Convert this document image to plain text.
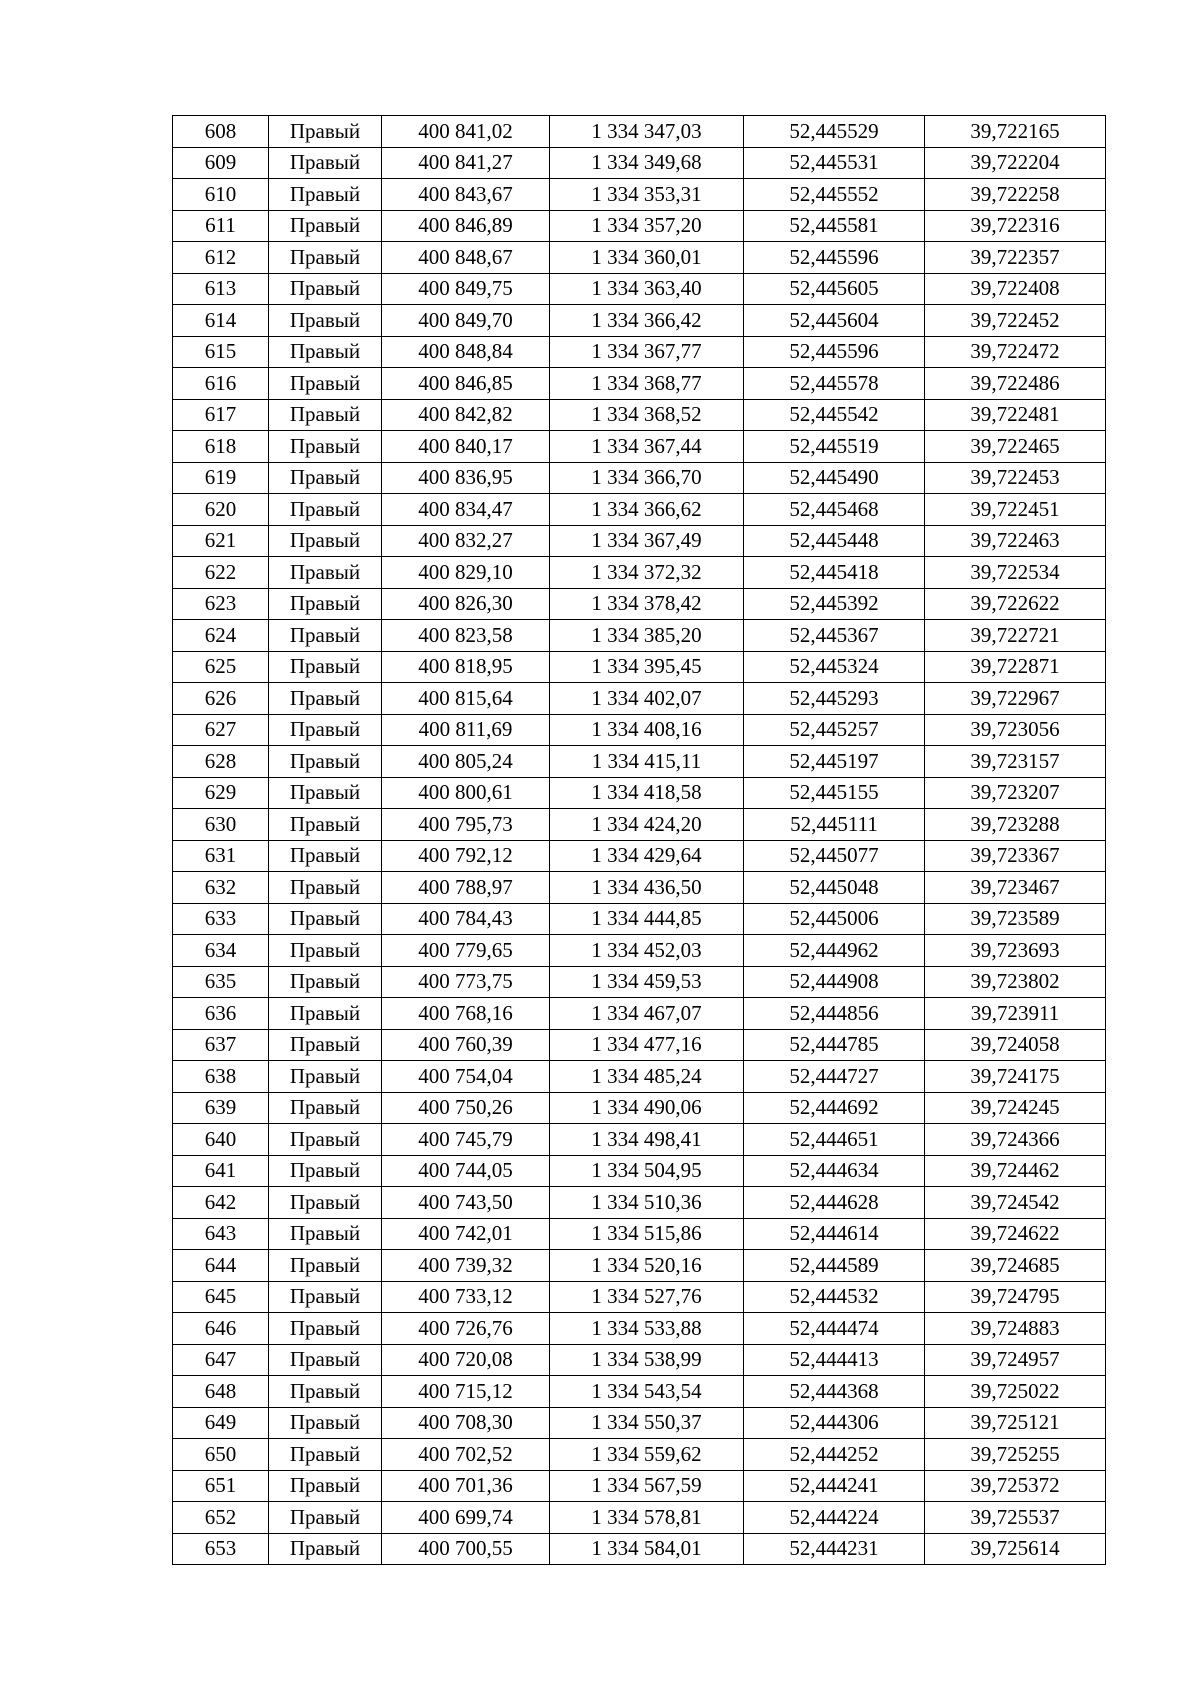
608	Правый	400 841,02	1 334 347,03	52,445529	39,722165
609	Правый	400 841,27	1 334 349,68	52,445531	39,722204
610	Правый	400 843,67	1 334 353,31	52,445552	39,722258
611	Правый	400 846,89	1 334 357,20	52,445581	39,722316
612	Правый	400 848,67	1 334 360,01	52,445596	39,722357
613	Правый	400 849,75	1 334 363,40	52,445605	39,722408
614	Правый	400 849,70	1 334 366,42	52,445604	39,722452
615	Правый	400 848,84	1 334 367,77	52,445596	39,722472
616	Правый	400 846,85	1 334 368,77	52,445578	39,722486
617	Правый	400 842,82	1 334 368,52	52,445542	39,722481
618	Правый	400 840,17	1 334 367,44	52,445519	39,722465
619	Правый	400 836,95	1 334 366,70	52,445490	39,722453
620	Правый	400 834,47	1 334 366,62	52,445468	39,722451
621	Правый	400 832,27	1 334 367,49	52,445448	39,722463
622	Правый	400 829,10	1 334 372,32	52,445418	39,722534
623	Правый	400 826,30	1 334 378,42	52,445392	39,722622
624	Правый	400 823,58	1 334 385,20	52,445367	39,722721
625	Правый	400 818,95	1 334 395,45	52,445324	39,722871
626	Правый	400 815,64	1 334 402,07	52,445293	39,722967
627	Правый	400 811,69	1 334 408,16	52,445257	39,723056
628	Правый	400 805,24	1 334 415,11	52,445197	39,723157
629	Правый	400 800,61	1 334 418,58	52,445155	39,723207
630	Правый	400 795,73	1 334 424,20	52,445111	39,723288
631	Правый	400 792,12	1 334 429,64	52,445077	39,723367
632	Правый	400 788,97	1 334 436,50	52,445048	39,723467
633	Правый	400 784,43	1 334 444,85	52,445006	39,723589
634	Правый	400 779,65	1 334 452,03	52,444962	39,723693
635	Правый	400 773,75	1 334 459,53	52,444908	39,723802
636	Правый	400 768,16	1 334 467,07	52,444856	39,723911
637	Правый	400 760,39	1 334 477,16	52,444785	39,724058
638	Правый	400 754,04	1 334 485,24	52,444727	39,724175
639	Правый	400 750,26	1 334 490,06	52,444692	39,724245
640	Правый	400 745,79	1 334 498,41	52,444651	39,724366
641	Правый	400 744,05	1 334 504,95	52,444634	39,724462
642	Правый	400 743,50	1 334 510,36	52,444628	39,724542
643	Правый	400 742,01	1 334 515,86	52,444614	39,724622
644	Правый	400 739,32	1 334 520,16	52,444589	39,724685
645	Правый	400 733,12	1 334 527,76	52,444532	39,724795
646	Правый	400 726,76	1 334 533,88	52,444474	39,724883
647	Правый	400 720,08	1 334 538,99	52,444413	39,724957
648	Правый	400 715,12	1 334 543,54	52,444368	39,725022
649	Правый	400 708,30	1 334 550,37	52,444306	39,725121
650	Правый	400 702,52	1 334 559,62	52,444252	39,725255
651	Правый	400 701,36	1 334 567,59	52,444241	39,725372
652	Правый	400 699,74	1 334 578,81	52,444224	39,725537
653	Правый	400 700,55	1 334 584,01	52,444231	39,725614
